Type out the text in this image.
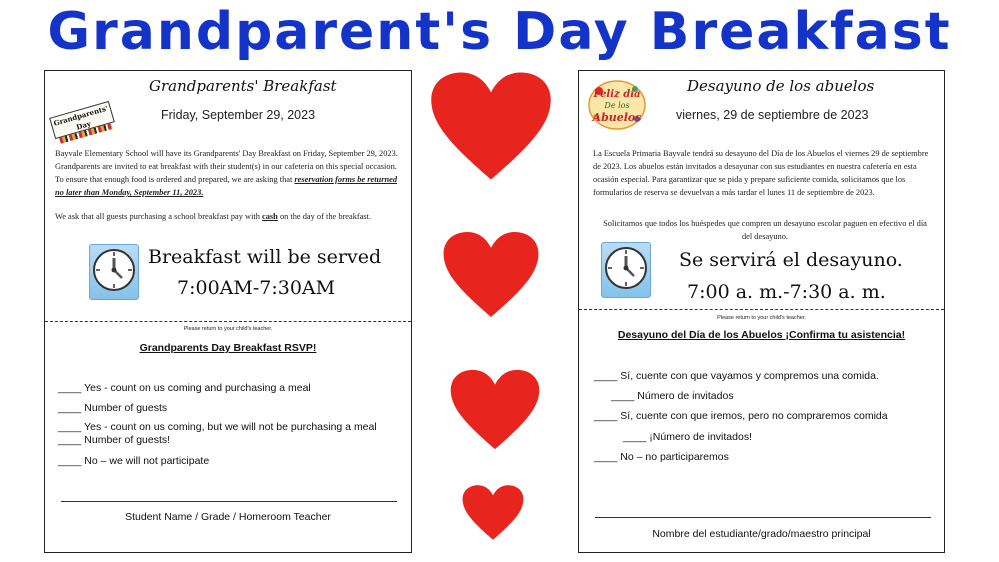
Grandparent's Day Breakfast
Grandparents' Day
Grandparents' Breakfast
Friday, September 29, 2023
Bayvale Elementary School will have its Grandparents' Day Breakfast on Friday, September 29, 2023. Grandparents are invited to eat breakfast with their student(s) in our cafeteria on this special occasion. To ensure that enough food is ordered and prepared, we are asking that reservation forms be returned no later than Monday, September 11, 2023.
We ask that all guests purchasing a school breakfast pay with cash on the day of the breakfast.
Breakfast will be served
7:00AM-7:30AM
Please return to your child's teacher.
Grandparents Day Breakfast RSVP!
____ Yes - count on us coming and purchasing a meal
____ Number of guests
____ Yes - count on us coming, but we will not be purchasing a meal
____ Number of guests!
____ No – we will not participate
Student Name / Grade / Homeroom Teacher
Feliz día
De los
Abuelos
Desayuno de los abuelos
viernes, 29 de septiembre de 2023
La Escuela Primaria Bayvale tendrá su desayuno del Día de los Abuelos el viernes 29 de septiembre de 2023. Los abuelos están invitados a desayunar con sus estudiantes en nuestra cafetería en esta ocasión especial. Para garantizar que se pida y prepare suficiente comida, solicitamos que los formularios de reserva se devuelvan a más tardar el lunes 11 de septiembre de 2023.
Solicitamos que todos los huéspedes que compren un desayuno escolar paguen en efectivo el día del desayuno.
Se servirá el desayuno.
7:00 a. m.-7:30 a. m.
Please return to your child's teacher.
Desayuno del Día de los Abuelos ¡Confirma tu asistencia!
____ Sí, cuente con que vayamos y compremos una comida.
____ Número de invitados
____ Sí, cuente con que iremos, pero no compraremos comida
____ ¡Número de invitados!
____ No – no participaremos
Nombre del estudiante/grado/maestro principal
